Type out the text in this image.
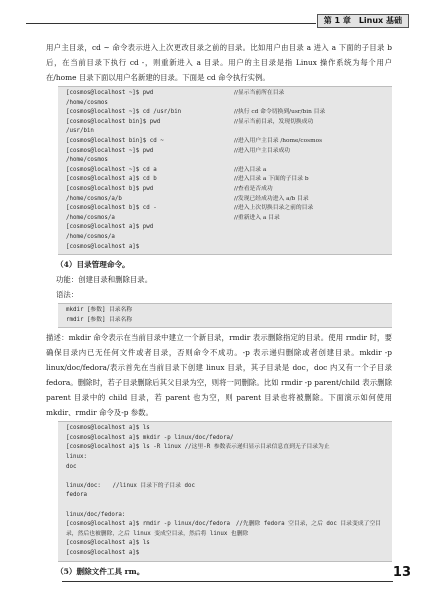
第 1 章　Linux 基础

用户主目录，cd ~ 命令表示进入上次更改目录之前的目录。比如用户由目录 a 进入 a 下面的子目录 b 后，在当前目录下执行 cd -，则重新进入 a 目录。用户的主目录是指 Linux 操作系统为每个用户在/home 目录下面以用户名新建的目录。下面是 cd 命令执行实例。

[cosmos@localhost ~]$ pwd	//显示当前所在目录
/home/cosmos
[cosmos@localhost ~]$ cd /usr/bin	//执行 cd 命令切换到/usr/bin 目录
[cosmos@localhost bin]$ pwd	//显示当前目录，发现切换成功
/usr/bin
[cosmos@localhost bin]$ cd ~	//进入用户主目录 /home/cosmos
[cosmos@localhost ~]$ pwd	//进入用户主目录成功
/home/cosmos
[cosmos@localhost ~]$ cd a	//进入目录 a
[cosmos@localhost a]$ cd b	//进入目录 a 下面的子目录 b
[cosmos@localhost b]$ pwd	//查看是否成功
/home/cosmos/a/b	//发现已经成功进入 a/b 目录
[cosmos@localhost b]$ cd -	//进入上次切换目录之前的目录
/home/cosmos/a	//重新进入 a 目录
[cosmos@localhost a]$ pwd
/home/cosmos/a
[cosmos@localhost a]$

（4）目录管理命令。

功能：创建目录和删除目录。

语法：

mkdir [参数] 目录名称
rmdir [参数] 目录名称

描述：mkdir 命令表示在当前目录中建立一个新目录，rmdir 表示删除指定的目录。使用 rmdir 时，要确保目录内已无任何文件或者目录，否则命令不成功。-p 表示递归删除或者创建目录。mkdir -p linux/doc/fedora/表示首先在当前目录下创建 linux 目录，其子目录是 doc，doc 内又有一个子目录 fedora。删除时，若子目录删除后其父目录为空，则将一同删除。比如 rmdir -p parent/child 表示删除 parent 目录中的 child 目录，若 parent 也为空，则 parent 目录也将被删除。下面演示如何使用 mkdir、rmdir 命令及-p 参数。

[cosmos@localhost a]$ ls
[cosmos@localhost a]$ mkdir -p linux/doc/fedora/
[cosmos@localhost a]$ ls -R linux //这里-R 参数表示递归显示目录信息直到无子目录为止
linux:
doc

linux/doc:　　//linux 目录下的子目录 doc
fedora

linux/doc/fedora:
[cosmos@localhost a]$ rmdir -p linux/doc/fedora　//先删除 fedora 空目录，之后 doc 目录变成了空目录，然后也被删除，之后 linux 变成空目录，然后将 linux 也删除
[cosmos@localhost a]$ ls
[cosmos@localhost a]$

（5）删除文件工具 rm。	13
